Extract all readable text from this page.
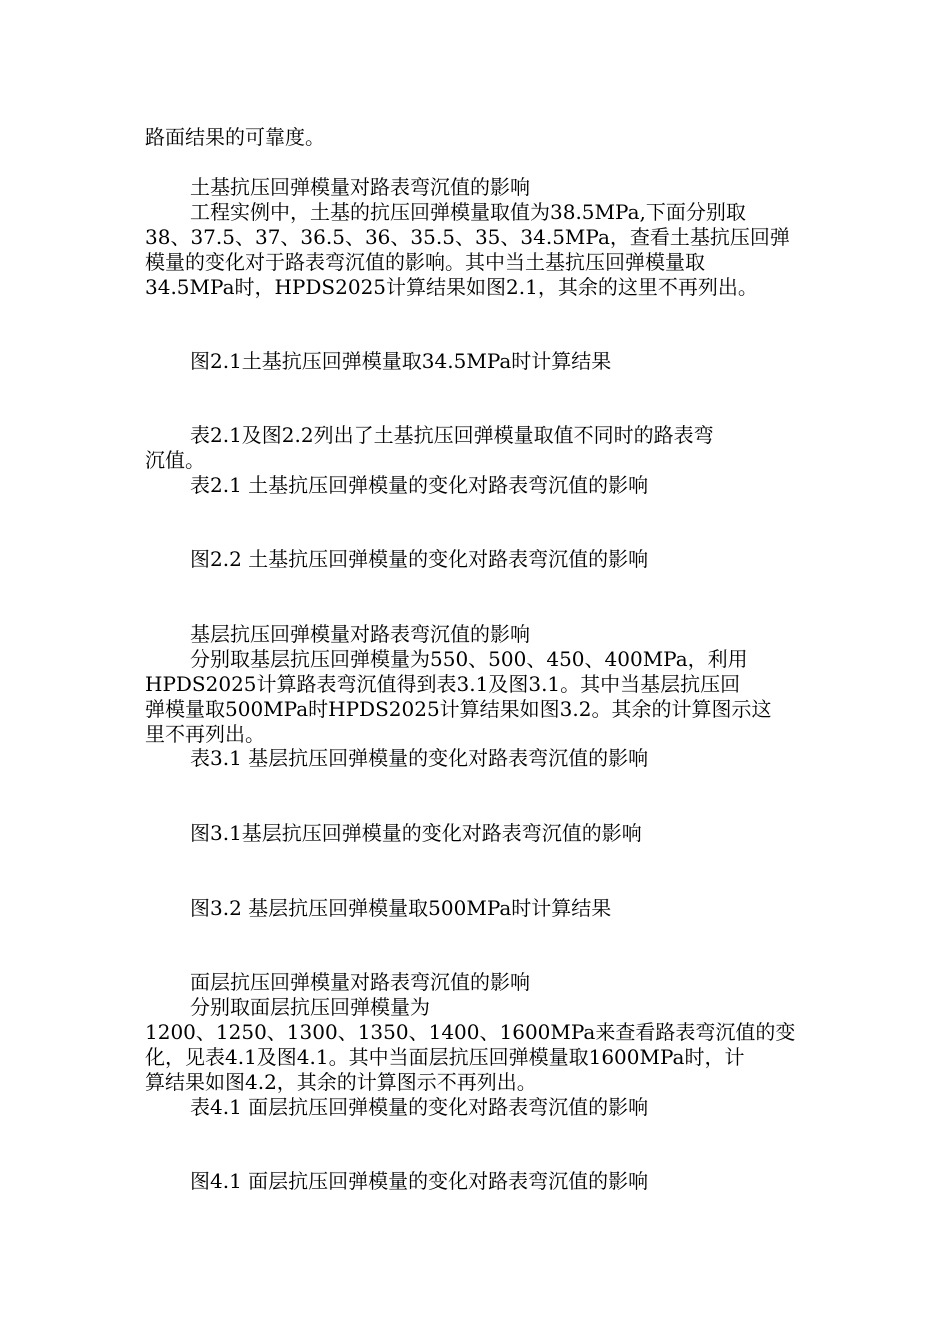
路面结果的可靠度。

土基抗压回弹模量对路表弯沉值的影响

工程实例中，土基的抗压回弹模量取值为38.5MPa,下面分别取

38、37.5、37、36.5、36、35.5、35、34.5MPa，查看土基抗压回弹

模量的变化对于路表弯沉值的影响。其中当土基抗压回弹模量取

34.5MPa时，HPDS2025计算结果如图2.1，其余的这里不再列出。

图2.1土基抗压回弹模量取34.5MPa时计算结果

表2.1及图2.2列出了土基抗压回弹模量取值不同时的路表弯

沉值。

表2.1 土基抗压回弹模量的变化对路表弯沉值的影响

图2.2 土基抗压回弹模量的变化对路表弯沉值的影响

基层抗压回弹模量对路表弯沉值的影响

分别取基层抗压回弹模量为550、500、450、400MPa，利用

HPDS2025计算路表弯沉值得到表3.1及图3.1。其中当基层抗压回

弹模量取500MPa时HPDS2025计算结果如图3.2。其余的计算图示这

里不再列出。

表3.1 基层抗压回弹模量的变化对路表弯沉值的影响

图3.1基层抗压回弹模量的变化对路表弯沉值的影响

图3.2 基层抗压回弹模量取500MPa时计算结果

面层抗压回弹模量对路表弯沉值的影响

分别取面层抗压回弹模量为

1200、1250、1300、1350、1400、1600MPa来查看路表弯沉值的变

化，见表4.1及图4.1。其中当面层抗压回弹模量取1600MPa时，计

算结果如图4.2，其余的计算图示不再列出。

表4.1 面层抗压回弹模量的变化对路表弯沉值的影响

图4.1 面层抗压回弹模量的变化对路表弯沉值的影响
